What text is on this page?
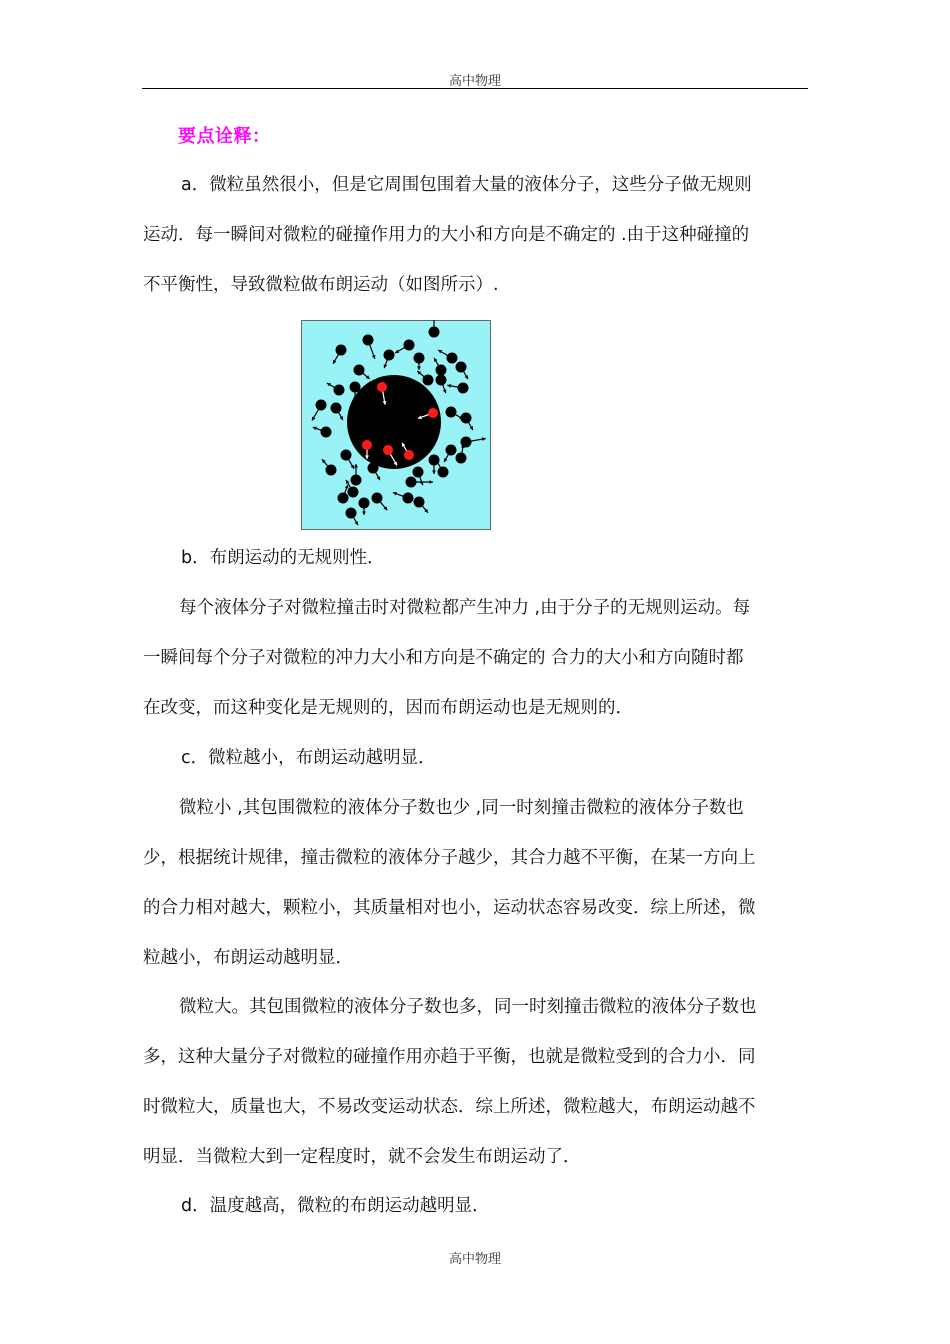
高中物理
要点诠释：
a．微粒虽然很小，但是它周围包围着大量的液体分子，这些分子做无规则
运动．每一瞬间对微粒的碰撞作用力的大小和方向是不确定的 .由于这种碰撞的
不平衡性，导致微粒做布朗运动（如图所示）.
b．布朗运动的无规则性．
每个液体分子对微粒撞击时对微粒都产生冲力 ,由于分子的无规则运动。每
一瞬间每个分子对微粒的冲力大小和方向是不确定的 合力的大小和方向随时都
在改变，而这种变化是无规则的，因而布朗运动也是无规则的．
c．微粒越小，布朗运动越明显．
微粒小 ,其包围微粒的液体分子数也少 ,同一时刻撞击微粒的液体分子数也
少，根据统计规律，撞击微粒的液体分子越少，其合力越不平衡，在某一方向上
的合力相对越大，颗粒小，其质量相对也小，运动状态容易改变．综上所述，微
粒越小，布朗运动越明显．
微粒大。其包围微粒的液体分子数也多，同一时刻撞击微粒的液体分子数也
多，这种大量分子对微粒的碰撞作用亦趋于平衡，也就是微粒受到的合力小．同
时微粒大，质量也大，不易改变运动状态．综上所述，微粒越大，布朗运动越不
明显．当微粒大到一定程度时，就不会发生布朗运动了．
d．温度越高，微粒的布朗运动越明显．
高中物理
